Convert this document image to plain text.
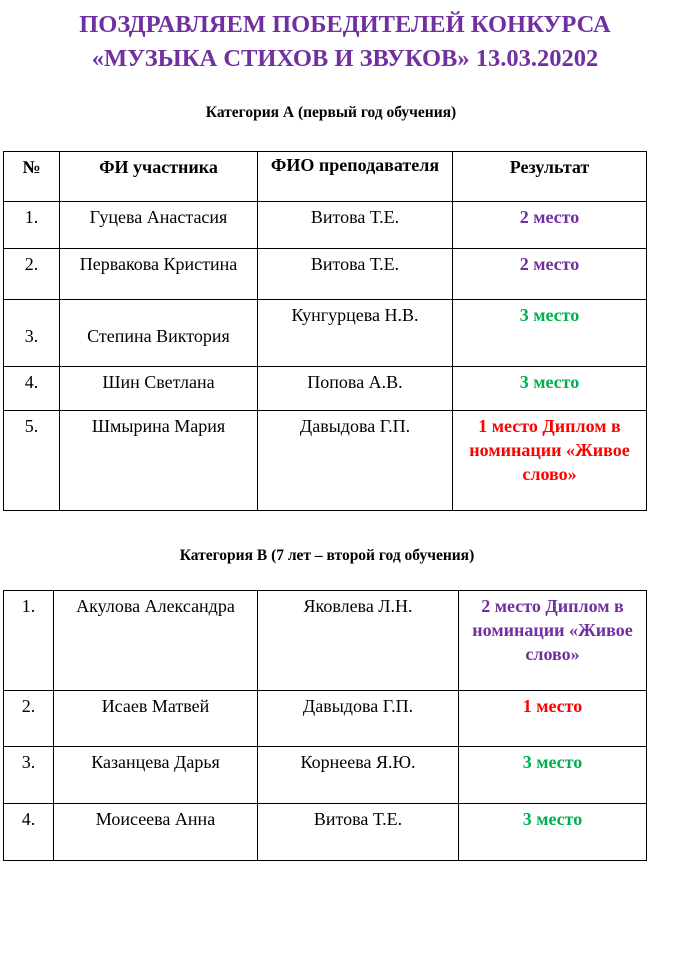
ПОЗДРАВЛЯЕМ ПОБЕДИТЕЛЕЙ КОНКУРСА
«МУЗЫКА СТИХОВ И ЗВУКОВ» 13.03.20202
Категория А (первый год обучения)
№	ФИ участника	ФИО преподавателя	Результат
1.	Гуцева Анастасия	Витова Т.Е.	2 место
2.	Первакова Кристина	Витова Т.Е.	2 место
3.	Степина Виктория	Кунгурцева Н.В.	3 место
4.	Шин Светлана	Попова А.В.	3 место
5.	Шмырина Мария	Давыдова Г.П.	1 место Диплом в номинации «Живое слово»
Категория В (7 лет – второй год обучения)
1.	Акулова Александра	Яковлева Л.Н.	2 место Диплом в номинации «Живое слово»
2.	Исаев Матвей	Давыдова Г.П.	1 место
3.	Казанцева Дарья	Корнеева Я.Ю.	3 место
4.	Моисеева Анна	Витова Т.Е.	3 место
